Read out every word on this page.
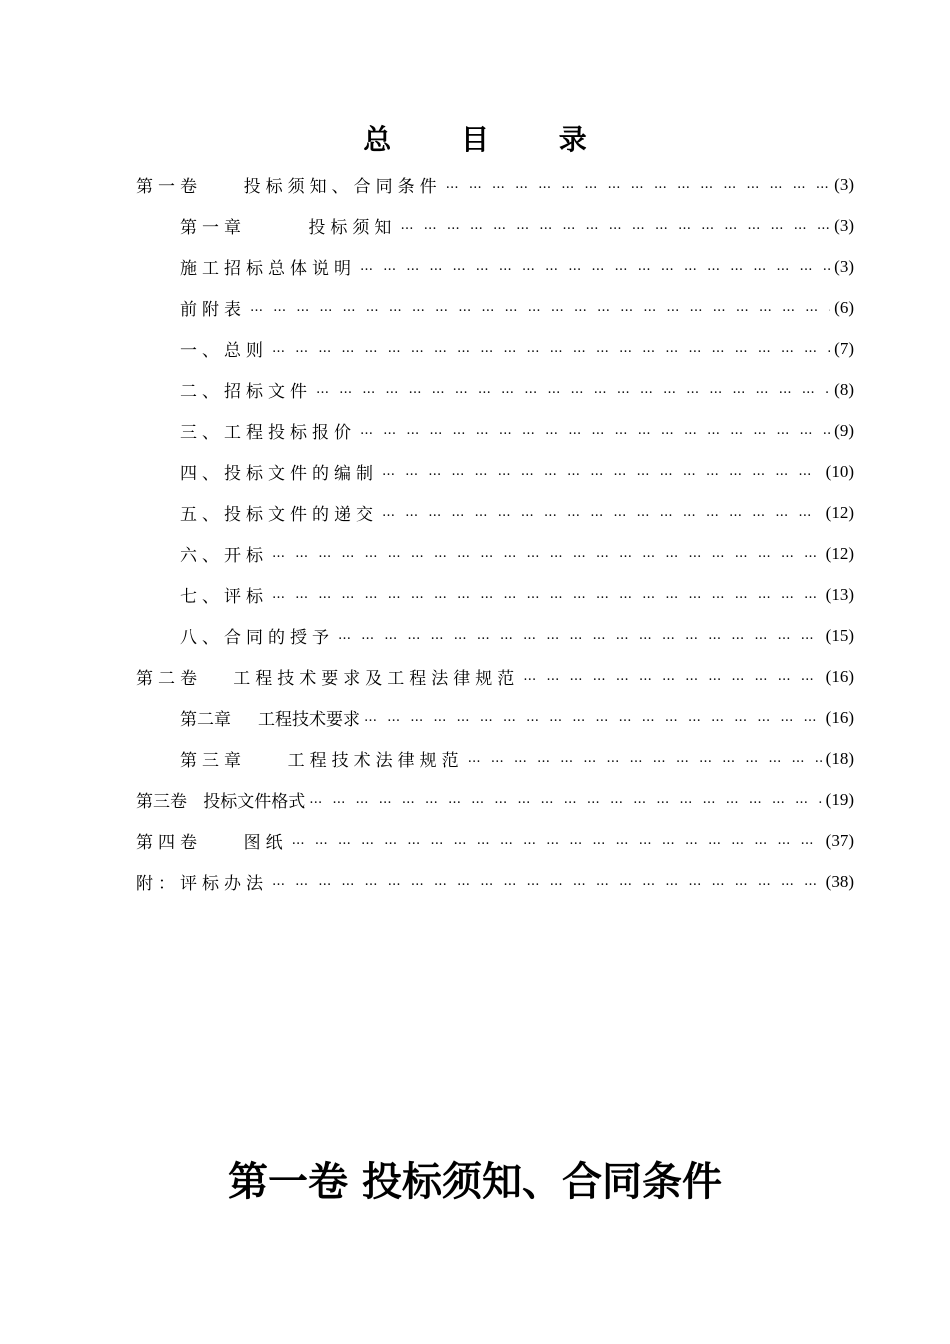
总 目 录
第一卷    投标须知、合同条件 … … … … … … … … … … … … … … … … … … … … … … … … … … … … … … … … … … … … … … … … … … … … … … … … … … … …	(3)
第一章      投标须知 … … … … … … … … … … … … … … … … … … … … … … … … … … … … … … … … … … … … … … … … … … … … … … … … … … … …	(3)
施工招标总体说明 … … … … … … … … … … … … … … … … … … … … … … … … … … … … … … … … … … … … … … … … … … … … … … … … … … … …	(3)
前附表 … … … … … … … … … … … … … … … … … … … … … … … … … … … … … … … … … … … … … … … … … … … … … … … … … … … …	(6)
一、总则 … … … … … … … … … … … … … … … … … … … … … … … … … … … … … … … … … … … … … … … … … … … … … … … … … … … …	(7)
二、招标文件 … … … … … … … … … … … … … … … … … … … … … … … … … … … … … … … … … … … … … … … … … … … … … … … … … … … …	(8)
三、工程投标报价 … … … … … … … … … … … … … … … … … … … … … … … … … … … … … … … … … … … … … … … … … … … … … … … … … … … …	(9)
四、投标文件的编制 … … … … … … … … … … … … … … … … … … … … … … … … … … … … … … … … … … … … … … … … … … … … … … … … … … … …	(10)
五、投标文件的递交 … … … … … … … … … … … … … … … … … … … … … … … … … … … … … … … … … … … … … … … … … … … … … … … … … … … …	(12)
六、开标 … … … … … … … … … … … … … … … … … … … … … … … … … … … … … … … … … … … … … … … … … … … … … … … … … … … …	(12)
七、评标 … … … … … … … … … … … … … … … … … … … … … … … … … … … … … … … … … … … … … … … … … … … … … … … … … … … …	(13)
八、合同的授予 … … … … … … … … … … … … … … … … … … … … … … … … … … … … … … … … … … … … … … … … … … … … … … … … … … … …	(15)
第二卷   工程技术要求及工程法律规范 … … … … … … … … … … … … … … … … … … … … … … … … … … … … … … … … … … … … … … … … … … … … … … … … … … … …	(16)
第二章     工程技术要求 … … … … … … … … … … … … … … … … … … … … … … … … … … … … … … … … … … … … … … … … … … … … … … … … … … … …	(16)
第三章    工程技术法律规范 … … … … … … … … … … … … … … … … … … … … … … … … … … … … … … … … … … … … … … … … … … … … … … … … … … … …	(18)
第三卷   投标文件格式 … … … … … … … … … … … … … … … … … … … … … … … … … … … … … … … … … … … … … … … … … … … … … … … … … … … …	(19)
第四卷    图纸 … … … … … … … … … … … … … … … … … … … … … … … … … … … … … … … … … … … … … … … … … … … … … … … … … … … …	(37)
附：评标办法 … … … … … … … … … … … … … … … … … … … … … … … … … … … … … … … … … … … … … … … … … … … … … … … … … … … …	(38)
第一卷 投标须知、合同条件
